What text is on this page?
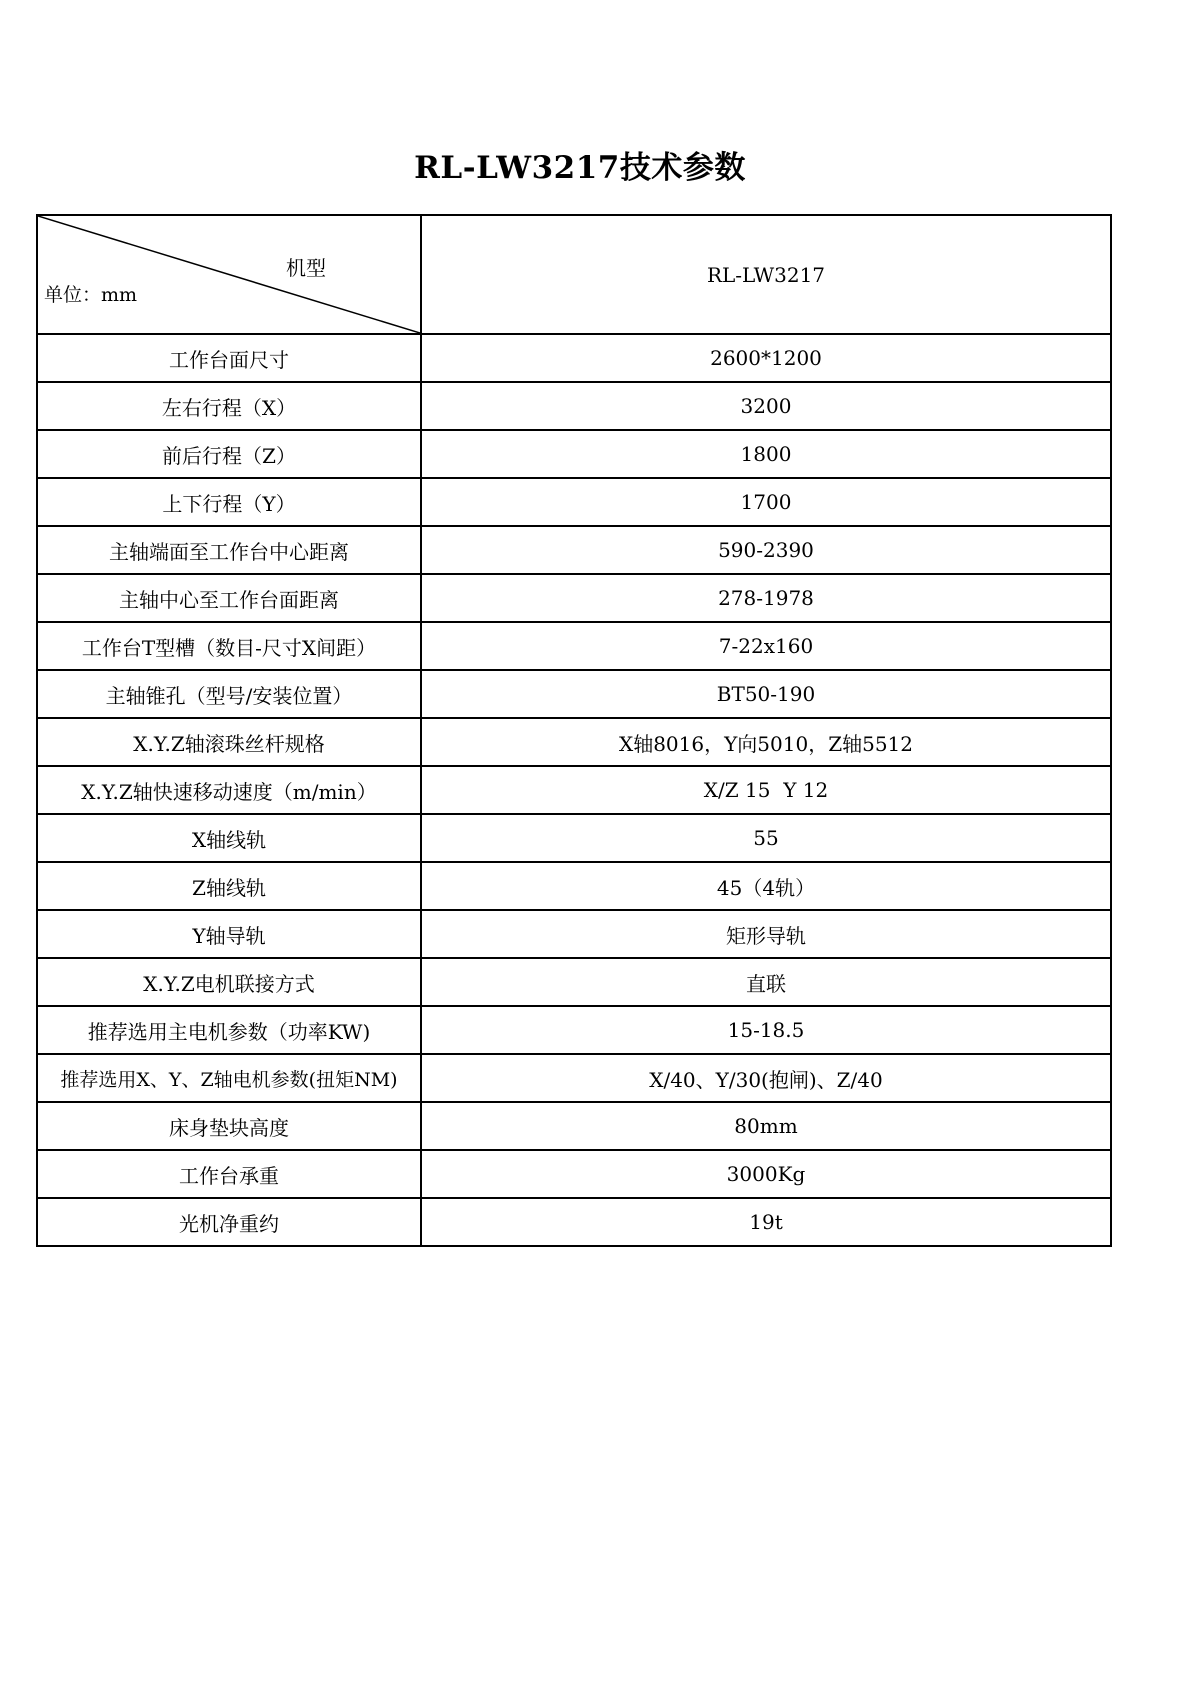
RL-LW3217技术参数
机型
单位：mm	RL-LW3217
工作台面尺寸	2600*1200
左右行程（X）	3200
前后行程（Z）	1800
上下行程（Y）	1700
主轴端面至工作台中心距离	590-2390
主轴中心至工作台面距离	278-1978
工作台T型槽（数目-尺寸X间距）	7-22x160
主轴锥孔（型号/安装位置）	BT50-190
X.Y.Z轴滚珠丝杆规格	X轴8016，Y向5010，Z轴5512
X.Y.Z轴快速移动速度（m/min）	X/Z 15  Y 12
X轴线轨	55
Z轴线轨	45（4轨）
Y轴导轨	矩形导轨
X.Y.Z电机联接方式	直联
推荐选用主电机参数（功率KW)	15-18.5
推荐选用X、Y、Z轴电机参数(扭矩NM)	X/40、Y/30(抱闸)、Z/40
床身垫块高度	80mm
工作台承重	3000Kg
光机净重约	19t
